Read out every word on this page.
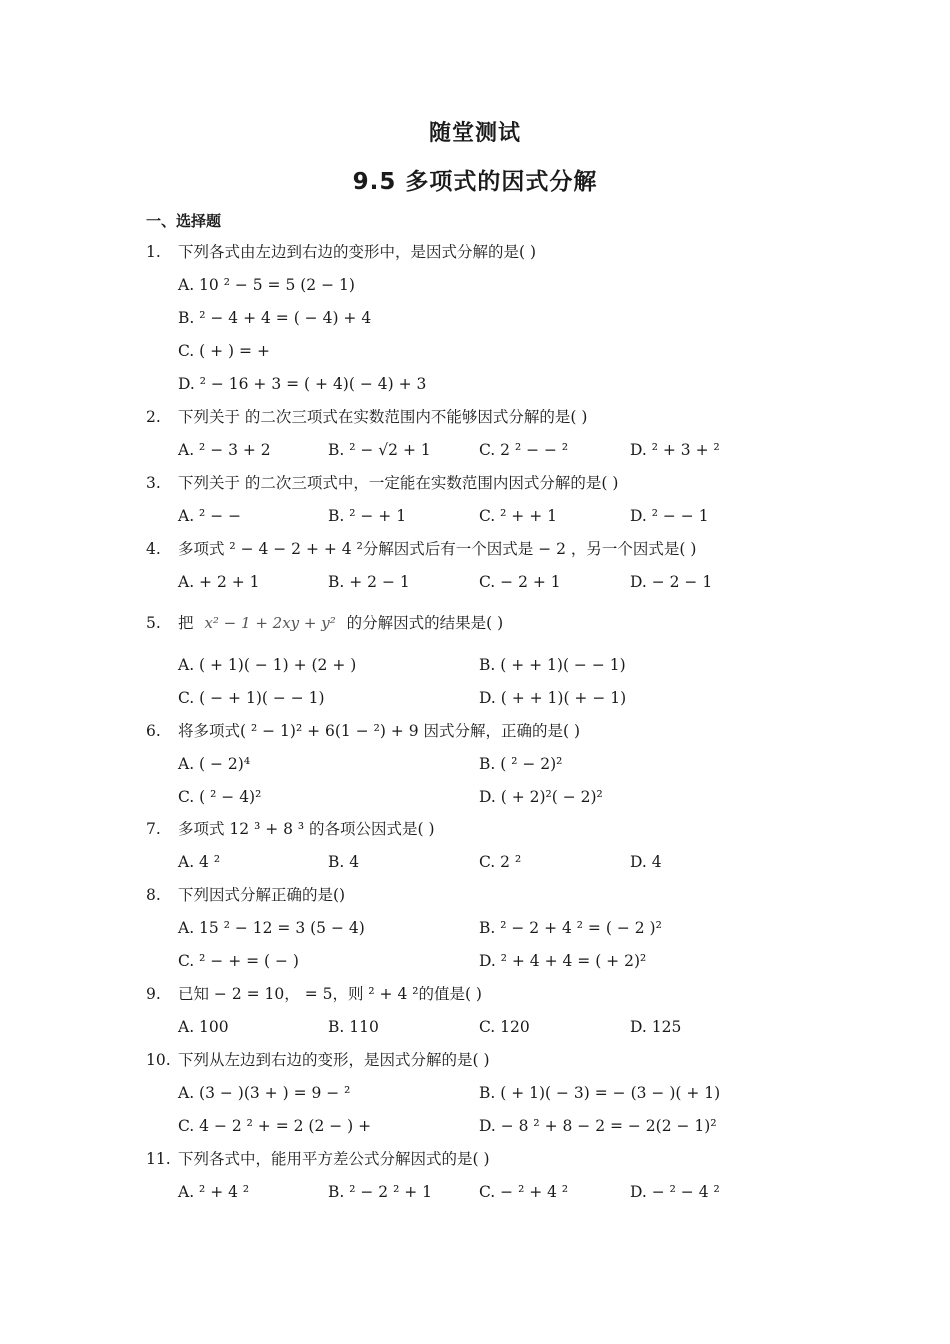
随堂测试
9.5 多项式的因式分解
一、选择题
1. 下列各式由左边到右边的变形中，是因式分解的是( )
A. 10 ² − 5 = 5 (2 − 1)
B. ² − 4 + 4 = ( − 4) + 4
C. ( + ) = +
D. ² − 16 + 3 = ( + 4)( − 4) + 3
2. 下列关于 的二次三项式在实数范围内不能够因式分解的是( )
A. ² − 3 + 2	B. ² − √2 + 1	C. 2 ² − − ²	D. ² + 3 + ²
3. 下列关于 的二次三项式中，一定能在实数范围内因式分解的是( )
A. ² − −	B. ² − + 1	C. ² + + 1	D. ² − − 1
4. 多项式 ² − 4 − 2 + + 4 ²分解因式后有一个因式是 − 2 ，另一个因式是( )
A. + 2 + 1	B. + 2 − 1	C. − 2 + 1	D. − 2 − 1
5. 把 x² − 1 + 2xy + y² 的分解因式的结果是( )
A. ( + 1)( − 1) + (2 + )	B. ( + + 1)( − − 1)
C. ( − + 1)( − − 1)	D. ( + + 1)( + − 1)
6. 将多项式( ² − 1)² + 6(1 − ²) + 9 因式分解，正确的是( )
A. ( − 2)⁴	B. ( ² − 2)²
C. ( ² − 4)²	D. ( + 2)²( − 2)²
7. 多项式 12 ³ + 8 ³ 的各项公因式是( )
A. 4 ²	B. 4	C. 2 ²	D. 4
8. 下列因式分解正确的是()
A. 15 ² − 12 = 3 (5 − 4)	B. ² − 2 + 4 ² = ( − 2 )²
C. ² − + = ( − )	D. ² + 4 + 4 = ( + 2)²
9. 已知 − 2 = 10， = 5，则 ² + 4 ²的值是( )
A. 100	B. 110	C. 120	D. 125
10. 下列从左边到右边的变形，是因式分解的是( )
A. (3 − )(3 + ) = 9 − ²	B. ( + 1)( − 3) = − (3 − )( + 1)
C. 4 − 2 ² + = 2 (2 − ) +	D. − 8 ² + 8 − 2 = − 2(2 − 1)²
11. 下列各式中，能用平方差公式分解因式的是( )
A. ² + 4 ²	B. ² − 2 ² + 1	C. − ² + 4 ²	D. − ² − 4 ²
